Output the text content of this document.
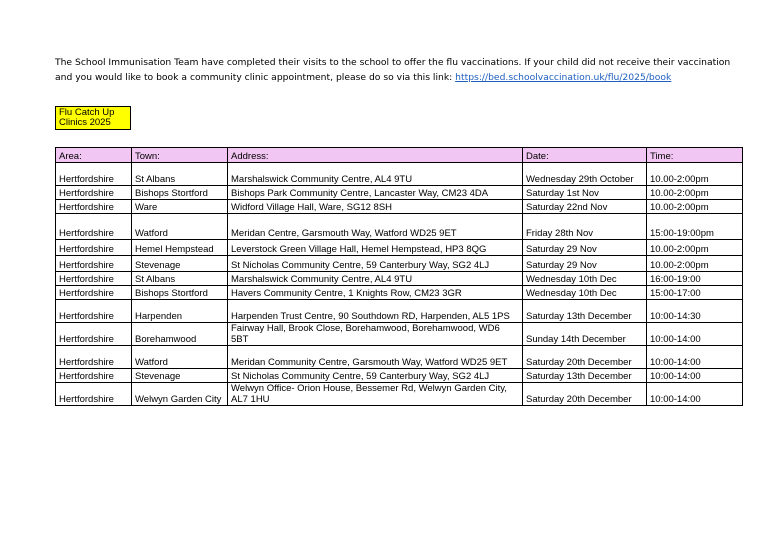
The School Immunisation Team have completed their visits to the school to offer the flu vaccinations. If your child did not receive their vaccination and you would like to book a community clinic appointment, please do so via this link: https://bed.schoolvaccination.uk/flu/2025/book
Flu Catch Up Clinics 2025
Area:	Town:	Address:	Date:	Time:
Hertfordshire	St Albans	Marshalswick Community Centre, AL4 9TU	Wednesday 29th October	10.00-2:00pm
Hertfordshire	Bishops Stortford	Bishops Park Community Centre, Lancaster Way, CM23 4DA	Saturday 1st Nov	10.00-2:00pm
Hertfordshire	Ware	Widford Village Hall, Ware, SG12 8SH	Saturday 22nd Nov	10.00-2:00pm
Hertfordshire	Watford	Meridan Centre, Garsmouth Way, Watford WD25 9ET	Friday 28th Nov	15:00-19:00pm
Hertfordshire	Hemel Hempstead	Leverstock Green Village Hall, Hemel Hempstead, HP3 8QG	Saturday 29 Nov	10.00-2:00pm
Hertfordshire	Stevenage	St Nicholas Community Centre, 59 Canterbury Way, SG2 4LJ	Saturday 29 Nov	10.00-2:00pm
Hertfordshire	St Albans	Marshalswick Community Centre, AL4 9TU	Wednesday 10th Dec	16:00-19:00
Hertfordshire	Bishops Stortford	Havers Community Centre, 1 Knights Row, CM23 3GR	Wednesday 10th Dec	15:00-17:00
Hertfordshire	Harpenden	Harpenden Trust Centre, 90 Southdown RD, Harpenden, AL5 1PS	Saturday 13th December	10:00-14:30
Hertfordshire	Borehamwood	Fairway Hall, Brook Close, Borehamwood, Borehamwood, WD6 5BT	Sunday 14th December	10:00-14:00
Hertfordshire	Watford	Meridan Community Centre, Garsmouth Way, Watford WD25 9ET	Saturday 20th December	10:00-14:00
Hertfordshire	Stevenage	St Nicholas Community Centre, 59 Canterbury Way, SG2 4LJ	Saturday 13th December	10:00-14:00
Hertfordshire	Welwyn Garden City	Welwyn Office- Orion House, Bessemer Rd, Welwyn Garden City, AL7 1HU	Saturday 20th December	10:00-14:00
